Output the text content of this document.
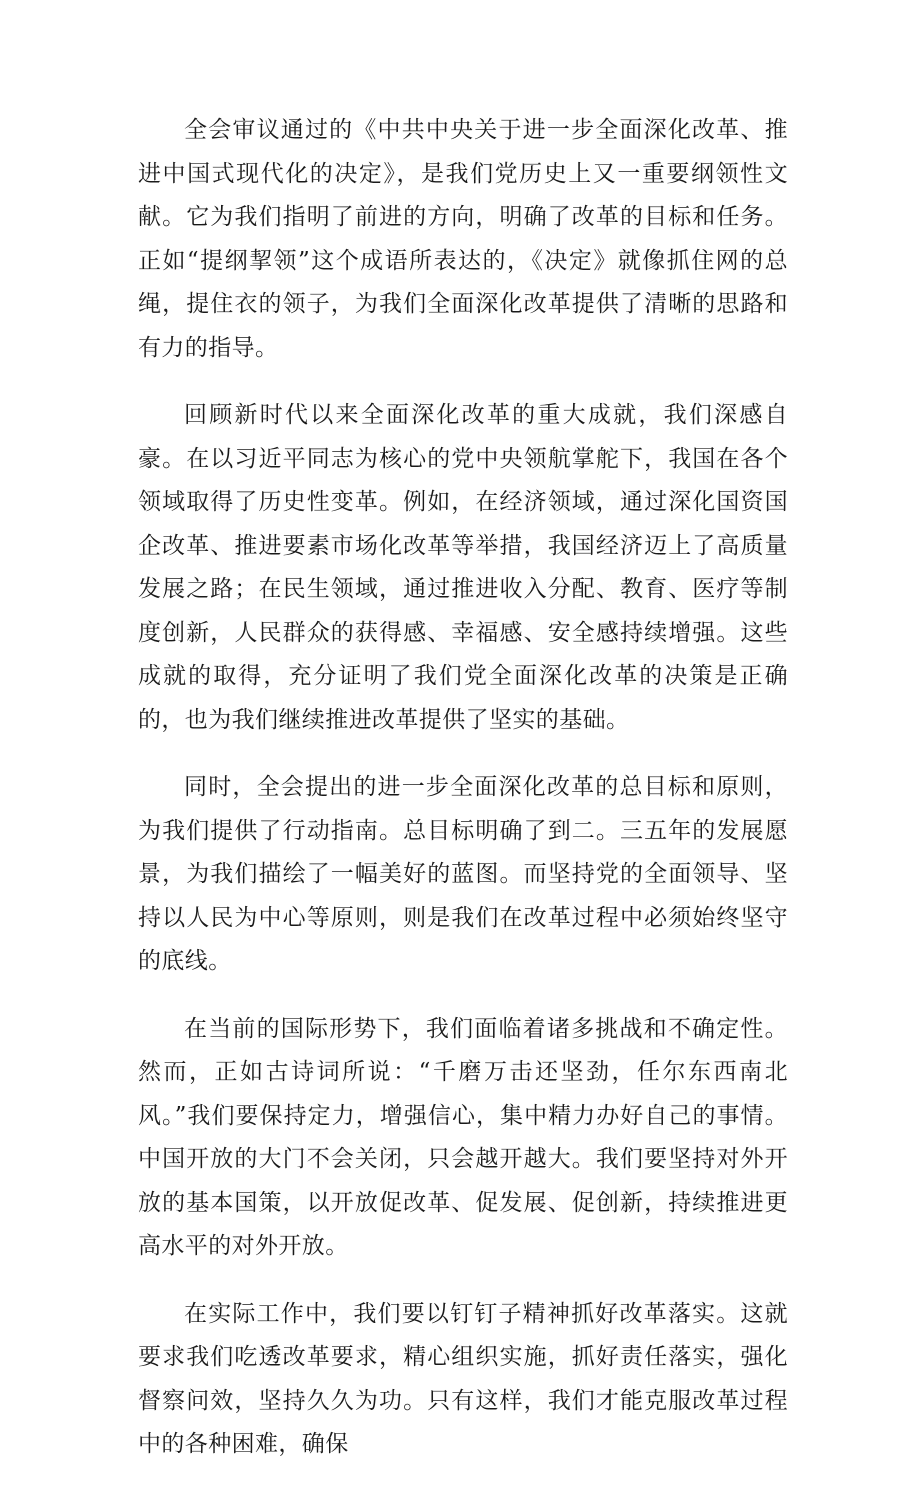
全会审议通过的《中共中央关于进一步全面深化改革、推进中国式现代化的决定》，是我们党历史上又一重要纲领性文献。它为我们指明了前进的方向，明确了改革的目标和任务。正如“提纲挈领”这个成语所表达的，《决定》就像抓住网的总绳，提住衣的领子，为我们全面深化改革提供了清晰的思路和有力的指导。

回顾新时代以来全面深化改革的重大成就，我们深感自豪。在以习近平同志为核心的党中央领航掌舵下，我国在各个领域取得了历史性变革。例如，在经济领域，通过深化国资国企改革、推进要素市场化改革等举措，我国经济迈上了高质量发展之路；在民生领域，通过推进收入分配、教育、医疗等制度创新，人民群众的获得感、幸福感、安全感持续增强。这些成就的取得，充分证明了我们党全面深化改革的决策是正确的，也为我们继续推进改革提供了坚实的基础。

同时，全会提出的进一步全面深化改革的总目标和原则，为我们提供了行动指南。总目标明确了到二。三五年的发展愿景，为我们描绘了一幅美好的蓝图。而坚持党的全面领导、坚持以人民为中心等原则，则是我们在改革过程中必须始终坚守的底线。

在当前的国际形势下，我们面临着诸多挑战和不确定性。然而，正如古诗词所说：“千磨万击还坚劲，任尔东西南北风。”我们要保持定力，增强信心，集中精力办好自己的事情。中国开放的大门不会关闭，只会越开越大。我们要坚持对外开放的基本国策，以开放促改革、促发展、促创新，持续推进更高水平的对外开放。

在实际工作中，我们要以钉钉子精神抓好改革落实。这就要求我们吃透改革要求，精心组织实施，抓好责任落实，强化督察问效，坚持久久为功。只有这样，我们才能克服改革过程中的各种困难，确保
